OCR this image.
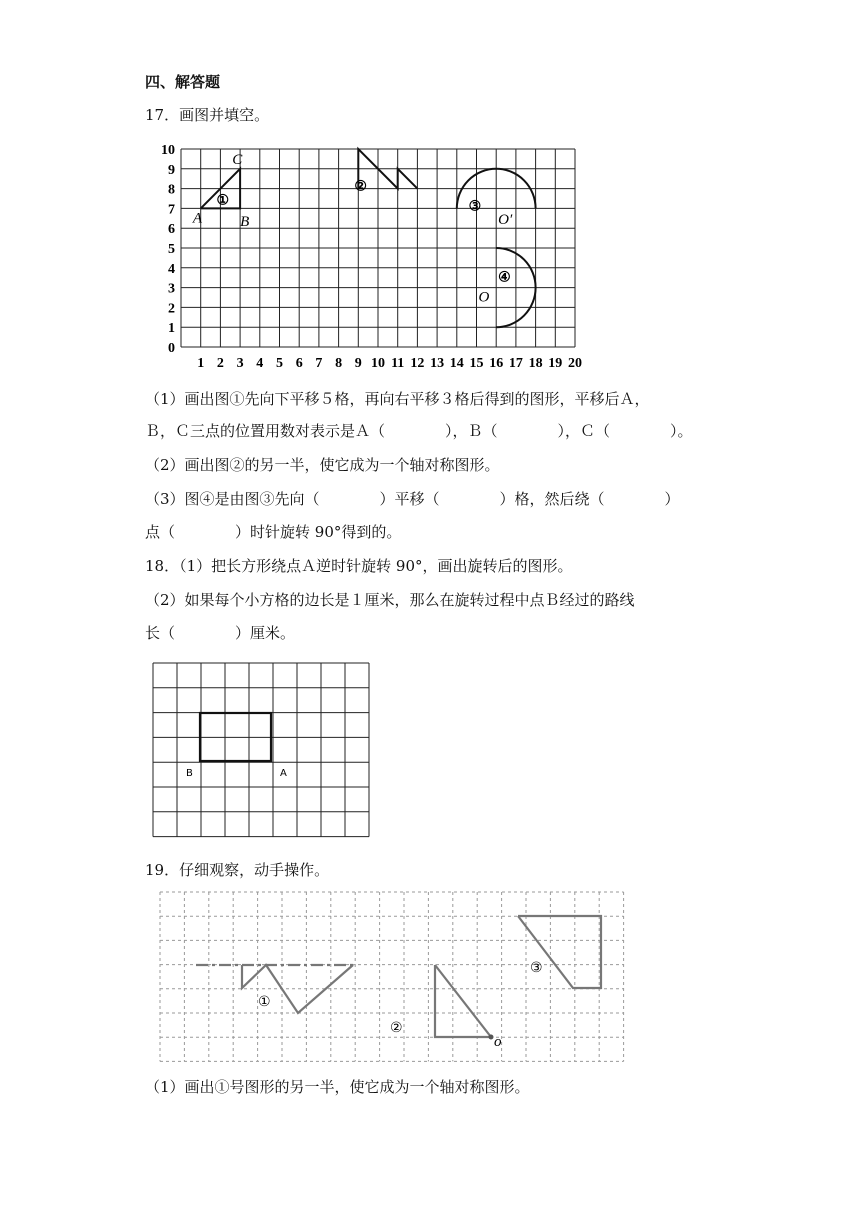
四、解答题
17．画图并填空。
10
9
8
7
6
5
4
3
2
1
0
1 2 3 4 5 6 7 8 9 10 11 12 13 14 15 16 17 18 19 20
C
A	B
①
②
③
O′
④
O
（1）画出图①先向下平移５格，再向右平移３格后得到的图形，平移后Ａ，
Ｂ，Ｃ三点的位置用数对表示是Ａ（　　　　），Ｂ（　　　　），Ｃ（　　　　）。
（2）画出图②的另一半，使它成为一个轴对称图形。
（3）图④是由图③先向（　　　　）平移（　　　　）格，然后绕（　　　　）
点（　　　　）时针旋转 90°得到的。
18．（1）把长方形绕点Ａ逆时针旋转 90°，画出旋转后的图形。
（2）如果每个小方格的边长是１厘米，那么在旋转过程中点Ｂ经过的路线
长（　　　　）厘米。
B	A
19．仔细观察，动手操作。
o
①
②
③
（1）画出①号图形的另一半，使它成为一个轴对称图形。
